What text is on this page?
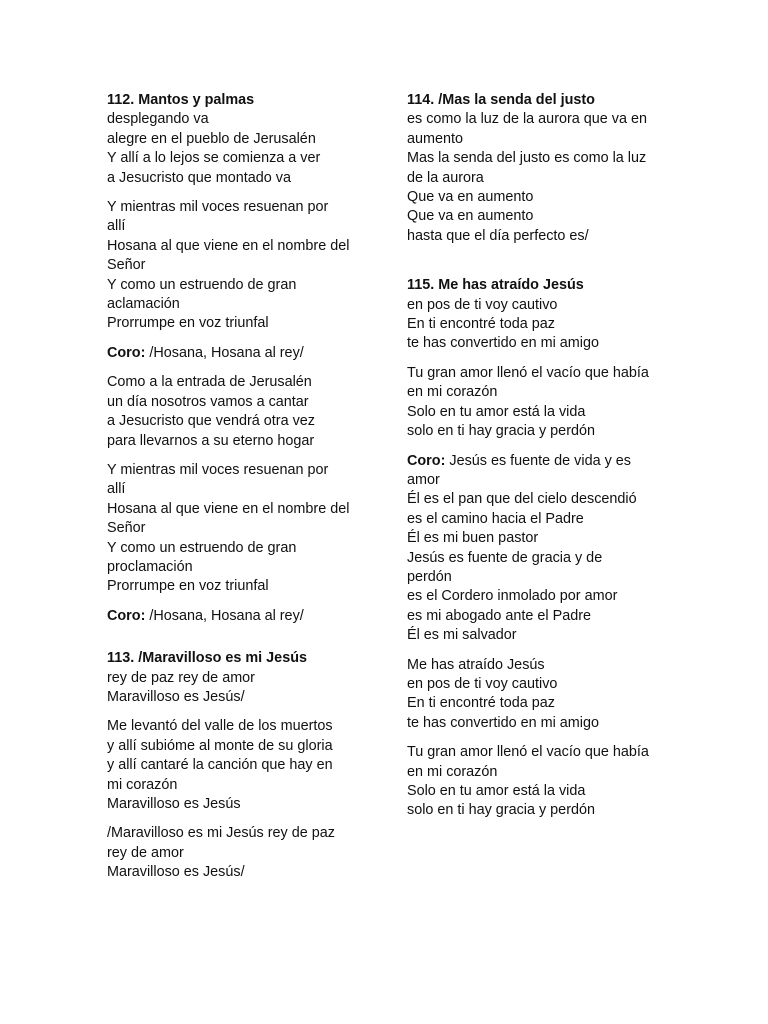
112. Mantos y palmas
desplegando va
alegre en el pueblo de Jerusalén
Y allí a lo lejos se comienza a ver
a Jesucristo que montado va
Y mientras mil voces resuenan por
allí
Hosana al que viene en el nombre del
Señor
Y como un estruendo de gran
aclamación
Prorrumpe en voz triunfal
Coro: /Hosana, Hosana al rey/
Como a la entrada de Jerusalén
un día nosotros vamos a cantar
a Jesucristo que vendrá otra vez
para llevarnos a su eterno hogar
Y mientras mil voces resuenan por
allí
Hosana al que viene en el nombre del
Señor
Y como un estruendo de gran
proclamación
Prorrumpe en voz triunfal
Coro: /Hosana, Hosana al rey/
113. /Maravilloso es mi Jesús
rey de paz rey de amor
Maravilloso es Jesús/
Me levantó del valle de los muertos
y allí subióme al monte de su gloria
y allí cantaré la canción que hay en
mi corazón
Maravilloso es Jesús
/Maravilloso es mi Jesús rey de paz
rey de amor
Maravilloso es Jesús/
114. /Mas la senda del justo
es como la luz de la aurora que va en
aumento
Mas la senda del justo es como la luz
de la aurora
Que va en aumento
Que va en aumento
hasta que el día perfecto es/
115. Me has atraído Jesús
en pos de ti voy cautivo
En ti encontré toda paz
te has convertido en mi amigo
Tu gran amor llenó el vacío que había
en mi corazón
Solo en tu amor está la vida
solo en ti hay gracia y perdón
Coro: Jesús es fuente de vida y es
amor
Él es el pan que del cielo descendió
es el camino hacia el Padre
Él es mi buen pastor
Jesús es fuente de gracia y de
perdón
es el Cordero inmolado por amor
es mi abogado ante el Padre
Él es mi salvador
Me has atraído Jesús
en pos de ti voy cautivo
En ti encontré toda paz
te has convertido en mi amigo
Tu gran amor llenó el vacío que había
en mi corazón
Solo en tu amor está la vida
solo en ti hay gracia y perdón
